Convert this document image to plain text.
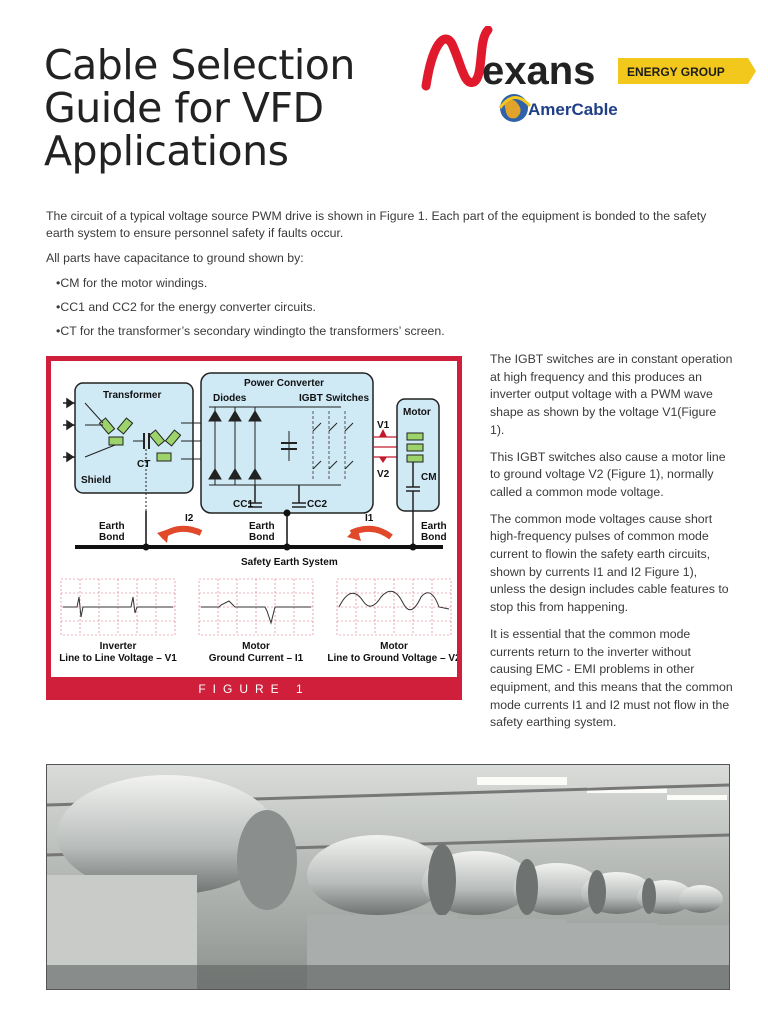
Cable Selection Guide for VFD Applications
exans	ENERGY GROUP
AmerCable

The circuit of a typical voltage source PWM drive is shown in Figure 1. Each part of the equipment is bonded to the safety earth system to ensure personnel safety if faults occur.

All parts have capacitance to ground shown by:

• CM for the motor windings.
• CC1 and CC2 for the energy converter circuits.
• CT for the transformer’s secondary windingto the transformers’ screen.
Transformer
Shield
CT
Power Converter
Diodes	IGBT Switches
CC1	CC2
V1
V2
Motor
CM
Earth
Bond
Earth
Bond
Earth
Bond
Safety Earth System
I2	I1
Inverter
Line to Line Voltage – V1
Motor
Ground Current – I1
Motor
Line to Ground Voltage – V2
FIGURE 1

The IGBT switches are in constant operation at high frequency and this produces an inverter output voltage with a PWM wave shape as shown by the voltage V1(Figure 1).

This IGBT switches also cause a motor line to ground voltage V2 (Figure 1), normally called a common mode voltage.

The common mode voltages cause short high-frequency pulses of common mode current to flowin the safety earth circuits, shown by currents I1 and I2 Figure 1), unless the design includes cable features to stop this from happening.

It is essential that the common mode currents return to the inverter without causing EMC - EMI problems in other equipment, and this means that the common mode currents I1 and I2 must not flow in the safety earthing system.
